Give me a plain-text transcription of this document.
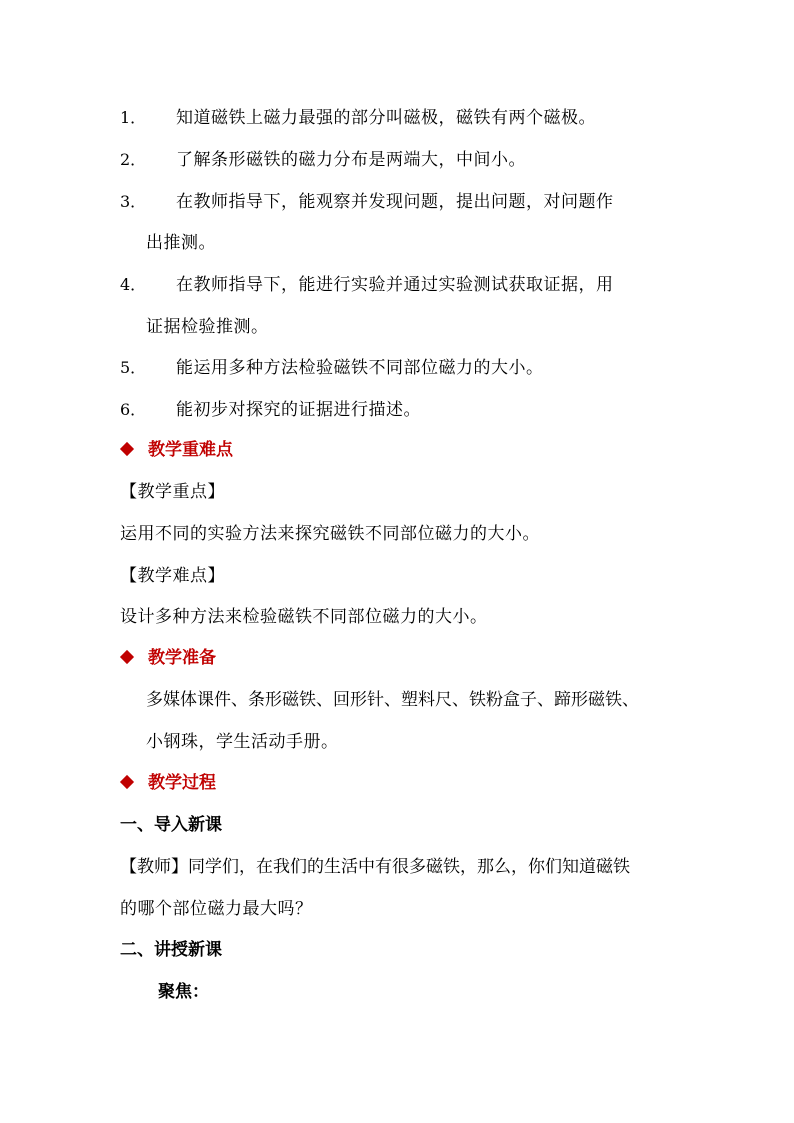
1． 知道磁铁上磁力最强的部分叫磁极，磁铁有两个磁极。
2． 了解条形磁铁的磁力分布是两端大，中间小。
3． 在教师指导下，能观察并发现问题，提出问题，对问题作
出推测。
4． 在教师指导下，能进行实验并通过实验测试获取证据，用
证据检验推测。
5． 能运用多种方法检验磁铁不同部位磁力的大小。
6． 能初步对探究的证据进行描述。
教学重难点
【教学重点】
运用不同的实验方法来探究磁铁不同部位磁力的大小。
【教学难点】
设计多种方法来检验磁铁不同部位磁力的大小。
教学准备
多媒体课件、条形磁铁、回形针、塑料尺、铁粉盒子、蹄形磁铁、
小钢珠，学生活动手册。
教学过程
一、导入新课
【教师】同学们，在我们的生活中有很多磁铁，那么，你们知道磁铁
的哪个部位磁力最大吗？
二、讲授新课
聚焦：
